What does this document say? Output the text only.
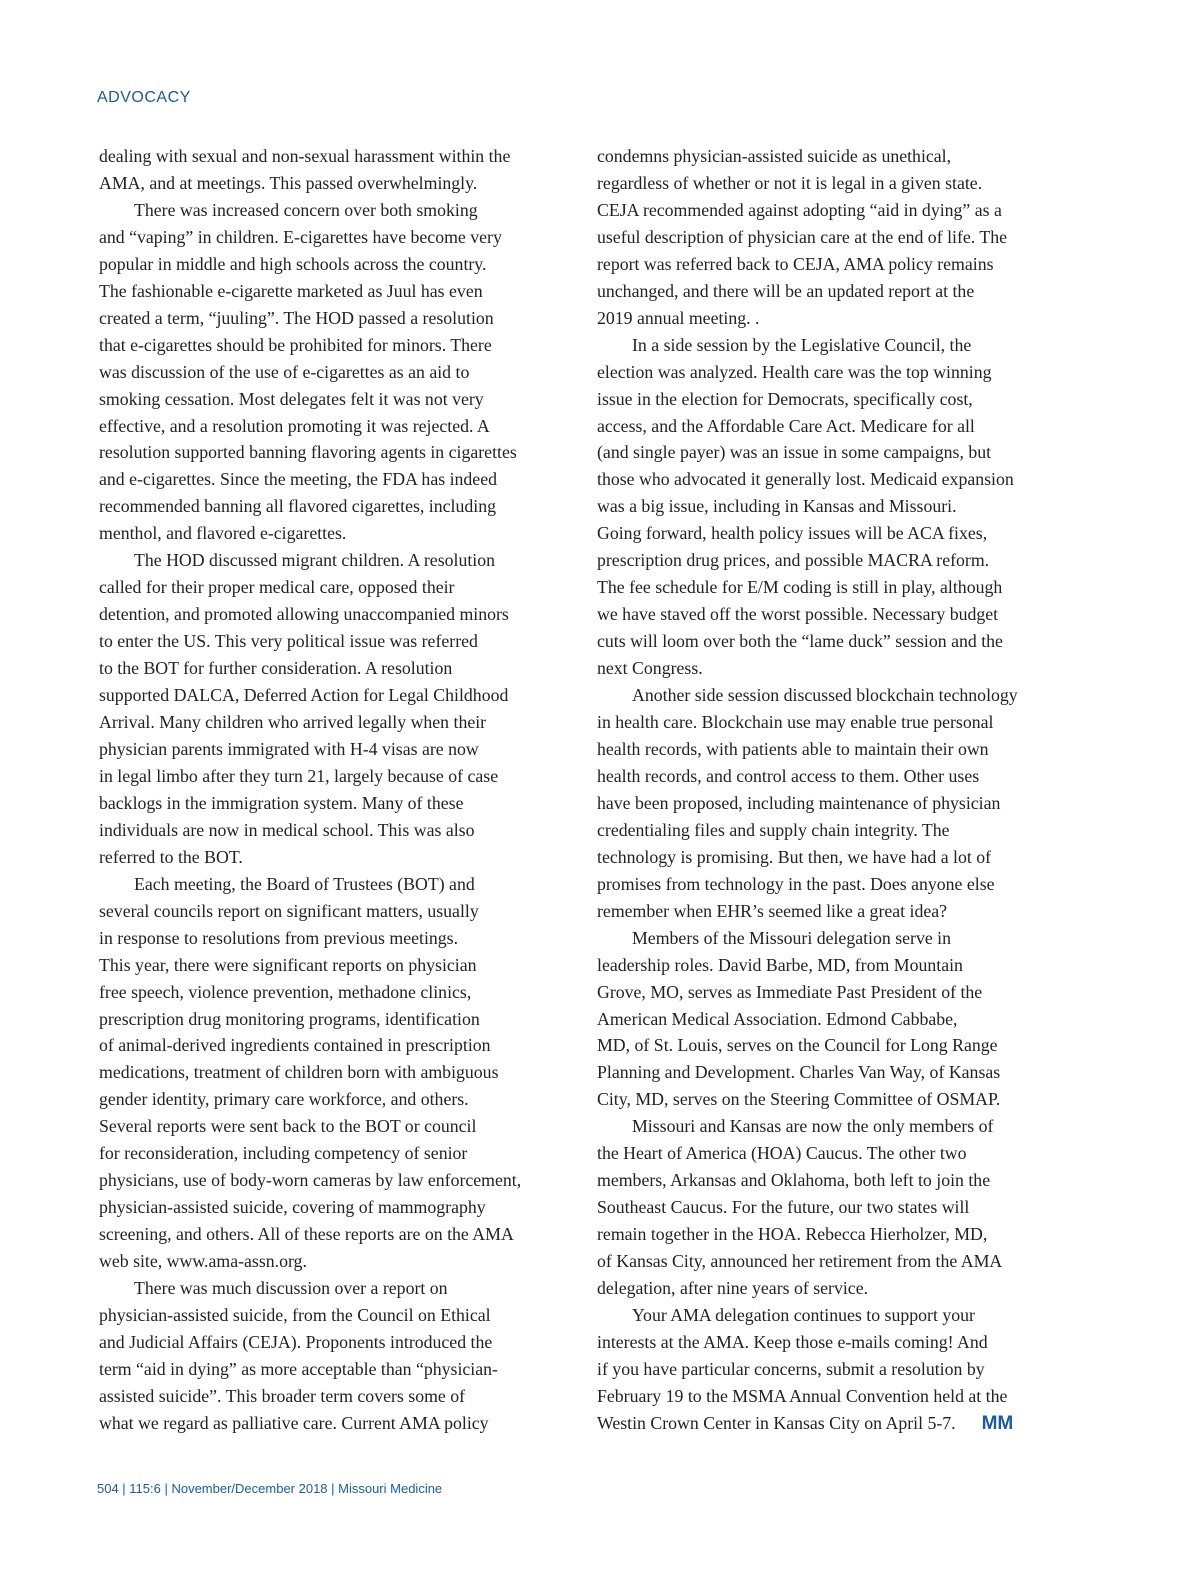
ADVOCACY

dealing with sexual and non-sexual harassment within the
AMA, and at meetings. This passed overwhelmingly.

There was increased concern over both smoking
and “vaping” in children. E-cigarettes have become very
popular in middle and high schools across the country.
The fashionable e-cigarette marketed as Juul has even
created a term, “juuling”. The HOD passed a resolution
that e-cigarettes should be prohibited for minors. There
was discussion of the use of e-cigarettes as an aid to
smoking cessation. Most delegates felt it was not very
effective, and a resolution promoting it was rejected. A
resolution supported banning flavoring agents in cigarettes
and e-cigarettes. Since the meeting, the FDA has indeed
recommended banning all flavored cigarettes, including
menthol, and flavored e-cigarettes.

The HOD discussed migrant children. A resolution
called for their proper medical care, opposed their
detention, and promoted allowing unaccompanied minors
to enter the US. This very political issue was referred
to the BOT for further consideration. A resolution
supported DALCA, Deferred Action for Legal Childhood
Arrival. Many children who arrived legally when their
physician parents immigrated with H-4 visas are now
in legal limbo after they turn 21, largely because of case
backlogs in the immigration system. Many of these
individuals are now in medical school. This was also
referred to the BOT.

Each meeting, the Board of Trustees (BOT) and
several councils report on significant matters, usually
in response to resolutions from previous meetings.
This year, there were significant reports on physician
free speech, violence prevention, methadone clinics,
prescription drug monitoring programs, identification
of animal-derived ingredients contained in prescription
medications, treatment of children born with ambiguous
gender identity, primary care workforce, and others.
Several reports were sent back to the BOT or council
for reconsideration, including competency of senior
physicians, use of body-worn cameras by law enforcement,
physician-assisted suicide, covering of mammography
screening, and others. All of these reports are on the AMA
web site, www.ama-assn.org.

There was much discussion over a report on
physician-assisted suicide, from the Council on Ethical
and Judicial Affairs (CEJA). Proponents introduced the
term “aid in dying” as more acceptable than “physician-
assisted suicide”. This broader term covers some of
what we regard as palliative care. Current AMA policy

condemns physician-assisted suicide as unethical,
regardless of whether or not it is legal in a given state.
CEJA recommended against adopting “aid in dying” as a
useful description of physician care at the end of life. The
report was referred back to CEJA, AMA policy remains
unchanged, and there will be an updated report at the
2019 annual meeting. .

In a side session by the Legislative Council, the
election was analyzed. Health care was the top winning
issue in the election for Democrats, specifically cost,
access, and the Affordable Care Act. Medicare for all
(and single payer) was an issue in some campaigns, but
those who advocated it generally lost. Medicaid expansion
was a big issue, including in Kansas and Missouri.
Going forward, health policy issues will be ACA fixes,
prescription drug prices, and possible MACRA reform.
The fee schedule for E/M coding is still in play, although
we have staved off the worst possible. Necessary budget
cuts will loom over both the “lame duck” session and the
next Congress.

Another side session discussed blockchain technology
in health care. Blockchain use may enable true personal
health records, with patients able to maintain their own
health records, and control access to them. Other uses
have been proposed, including maintenance of physician
credentialing files and supply chain integrity. The
technology is promising. But then, we have had a lot of
promises from technology in the past. Does anyone else
remember when EHR’s seemed like a great idea?

Members of the Missouri delegation serve in
leadership roles. David Barbe, MD, from Mountain
Grove, MO, serves as Immediate Past President of the
American Medical Association. Edmond Cabbabe,
MD, of St. Louis, serves on the Council for Long Range
Planning and Development. Charles Van Way, of Kansas
City, MD, serves on the Steering Committee of OSMAP.

Missouri and Kansas are now the only members of
the Heart of America (HOA) Caucus. The other two
members, Arkansas and Oklahoma, both left to join the
Southeast Caucus. For the future, our two states will
remain together in the HOA. Rebecca Hierholzer, MD,
of Kansas City, announced her retirement from the AMA
delegation, after nine years of service.

Your AMA delegation continues to support your
interests at the AMA. Keep those e-mails coming! And
if you have particular concerns, submit a resolution by
February 19 to the MSMA Annual Convention held at the
Westin Crown Center in Kansas City on April 5-7. MM

504 | 115:6 | November/December 2018 | Missouri Medicine
